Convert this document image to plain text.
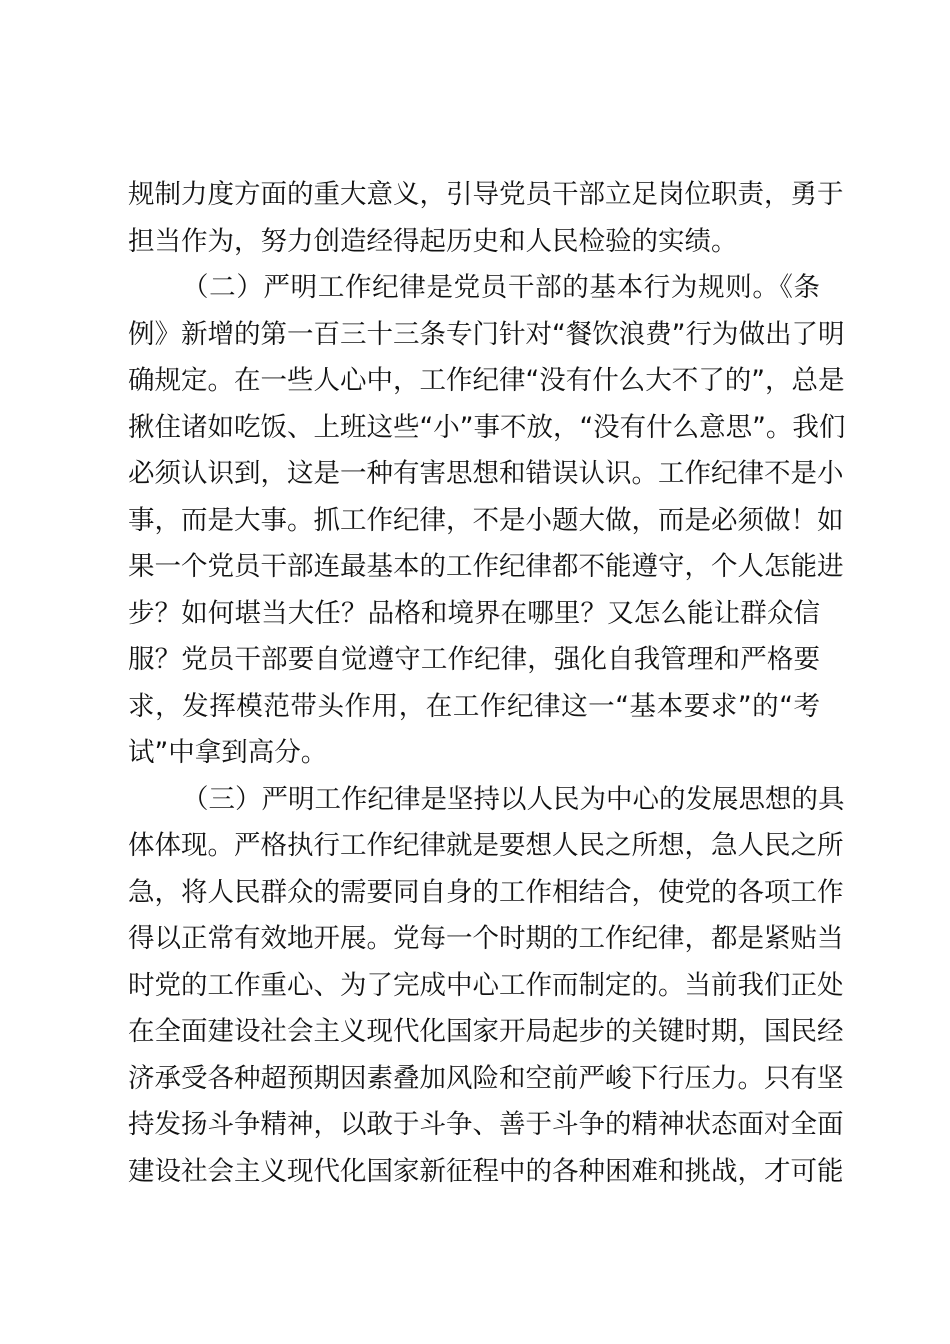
规制力度方面的重大意义，引导党员干部立足岗位职责，勇于
担当作为，努力创造经得起历史和人民检验的实绩。
（二）严明工作纪律是党员干部的基本行为规则。《条
例》新增的第一百三十三条专门针对“餐饮浪费”行为做出了明
确规定。在一些人心中，工作纪律“没有什么大不了的”，总是
揪住诸如吃饭、上班这些“小”事不放，“没有什么意思”。我们
必须认识到，这是一种有害思想和错误认识。工作纪律不是小
事，而是大事。抓工作纪律，不是小题大做，而是必须做！如
果一个党员干部连最基本的工作纪律都不能遵守，个人怎能进
步？如何堪当大任？品格和境界在哪里？又怎么能让群众信
服？党员干部要自觉遵守工作纪律，强化自我管理和严格要
求，发挥模范带头作用，在工作纪律这一“基本要求”的“考
试”中拿到高分。
（三）严明工作纪律是坚持以人民为中心的发展思想的具
体体现。严格执行工作纪律就是要想人民之所想，急人民之所
急，将人民群众的需要同自身的工作相结合，使党的各项工作
得以正常有效地开展。党每一个时期的工作纪律，都是紧贴当
时党的工作重心、为了完成中心工作而制定的。当前我们正处
在全面建设社会主义现代化国家开局起步的关键时期，国民经
济承受各种超预期因素叠加风险和空前严峻下行压力。只有坚
持发扬斗争精神，以敢于斗争、善于斗争的精神状态面对全面
建设社会主义现代化国家新征程中的各种困难和挑战，才可能
